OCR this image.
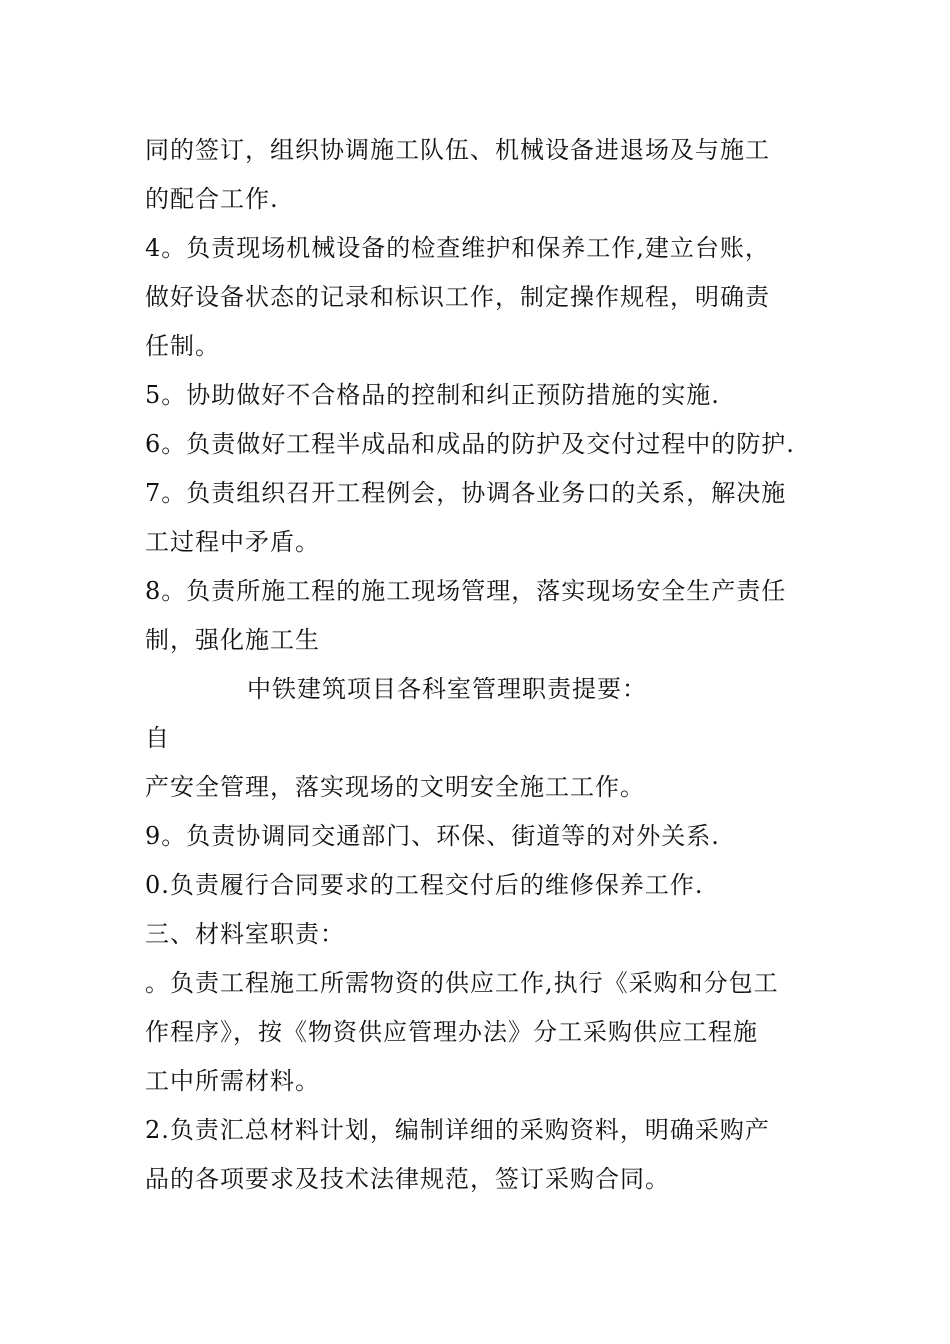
同的签订，组织协调施工队伍、机械设备进退场及与施工
的配合工作.
4。负责现场机械设备的检查维护和保养工作,建立台账，
做好设备状态的记录和标识工作，制定操作规程，明确责
任制。
5。协助做好不合格品的控制和纠正预防措施的实施.
6。负责做好工程半成品和成品的防护及交付过程中的防护.
7。负责组织召开工程例会，协调各业务口的关系，解决施
工过程中矛盾。
8。负责所施工程的施工现场管理，落实现场安全生产责任
制，强化施工生
中铁建筑项目各科室管理职责提要：
自
产安全管理，落实现场的文明安全施工工作。
9。负责协调同交通部门、环保、街道等的对外关系.
0.负责履行合同要求的工程交付后的维修保养工作.
三、材料室职责：
。负责工程施工所需物资的供应工作,执行《采购和分包工
作程序》，按《物资供应管理办法》分工采购供应工程施
工中所需材料。
2.负责汇总材料计划，编制详细的采购资料，明确采购产
品的各项要求及技术法律规范，签订采购合同。
